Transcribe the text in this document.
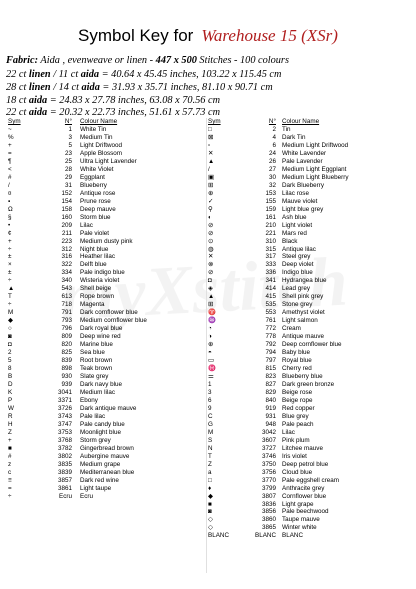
Symbol Key for Warehouse 15 (XSr)
Fabric: Aida , evenweave or linen - 447 x 500 Stitches - 100 colours
22 ct linen / 11 ct aida = 40.64 x 45.45 inches, 103.22 x 115.45 cm
28 ct linen / 14 ct aida = 31.93 x 35.71 inches, 81.10 x 90.71 cm
18 ct aida = 24.83 x 27.78 inches, 63.08 x 70.56 cm
22 ct aida = 20.32 x 22.73 inches, 51.61 x 57.73 cm
Sym	N° Colour Name
~	1 White Tin
%	3 Medium Tin
+	5 Light Driftwood
=	23 Apple Blossom
¶	25 Ultra Light Lavender
<	28 White Violet
#	29 Eggplant
/	31 Blueberry
¤	152 Antique rose
▪	154 Prune rose
Ω	158 Deep mauve
§	160 Storm blue
•	209 Lilac
¢	211 Pale violet
+	223 Medium dusty pink
÷	312 Night blue
±	316 Heather lilac
×	322 Delft blue
±	334 Pale indigo blue
÷	340 Wisteria violet
▲	543 Shell beige
T	613 Rope brown
÷	718 Magenta
M	791 Dark cornflower blue
◆	793 Medium cornflower blue
○	796 Dark royal blue
◙	809 Deep wine red
◘	820 Marine blue
2	825 Sea blue
5	839 Root brown
8	898 Teak brown
B	930 Slate grey
D	939 Dark navy blue
K	3041 Medium lilac
P	3371 Ebony
W	3726 Dark antique mauve
R	3743 Pale lilac
H	3747 Pale candy blue
Z	3753 Moonlight blue
+	3768 Storm grey
■	3782 Gingerbread brown
#	3802 Aubergine mauve
z	3835 Medium grape
c	3839 Mediterranean blue
≡	3857 Dark red wine
=	3861 Light taupe
÷	Ecru Ecru
Sym	N° Colour Name
□	2 Tin
⊠	4 Dark Tin
▫	6 Medium Light Driftwood
✕	24 White Lavender
▲	26 Pale Lavender
/	27 Medium Light Eggplant
▣	30 Medium Light Blueberry
⊞	32 Dark Blueberry
⊕	153 Lilac rose
✓	155 Mauve violet
⚲	159 Light blue grey
◐	161 Ash blue
⊘	210 Light violet
⊘	221 Mars red
⊙	310 Black
◍	315 Antique lilac
✕	317 Steel grey
⊗	333 Deep violet
⊘	336 Indigo blue
◘	341 Hydrangea blue
◈	414 Lead grey
▲	415 Shell pink grey
⊞	535 Stone grey
♈	553 Amethyst violet
♒	761 Light salmon
◔	772 Cream
◑	778 Antique mauve
⊕	792 Deep cornflower blue
◓	794 Baby blue
▭	797 Royal blue
♓	815 Cherry red
⚌	823 Blueberry blue
1	827 Dark green bronze
3	829 Beige rose
6	840 Beige rope
9	919 Red copper
C	931 Blue grey
G	948 Pale peach
M	3042 Lilac
S	3607 Pink plum
N	3727 Litchee mauve
T	3746 Iris violet
Z	3750 Deep petrol blue
a	3756 Cloud blue
□	3770 Pale eggshell cream
♦	3799 Anthracite grey
◆	3807 Cornflower blue
■	3836 Light grape
◙	3856 Pale beechwood
◇	3860 Taupe mauve
◇	3865 Winter white
BLANC	BLANC BLANC
